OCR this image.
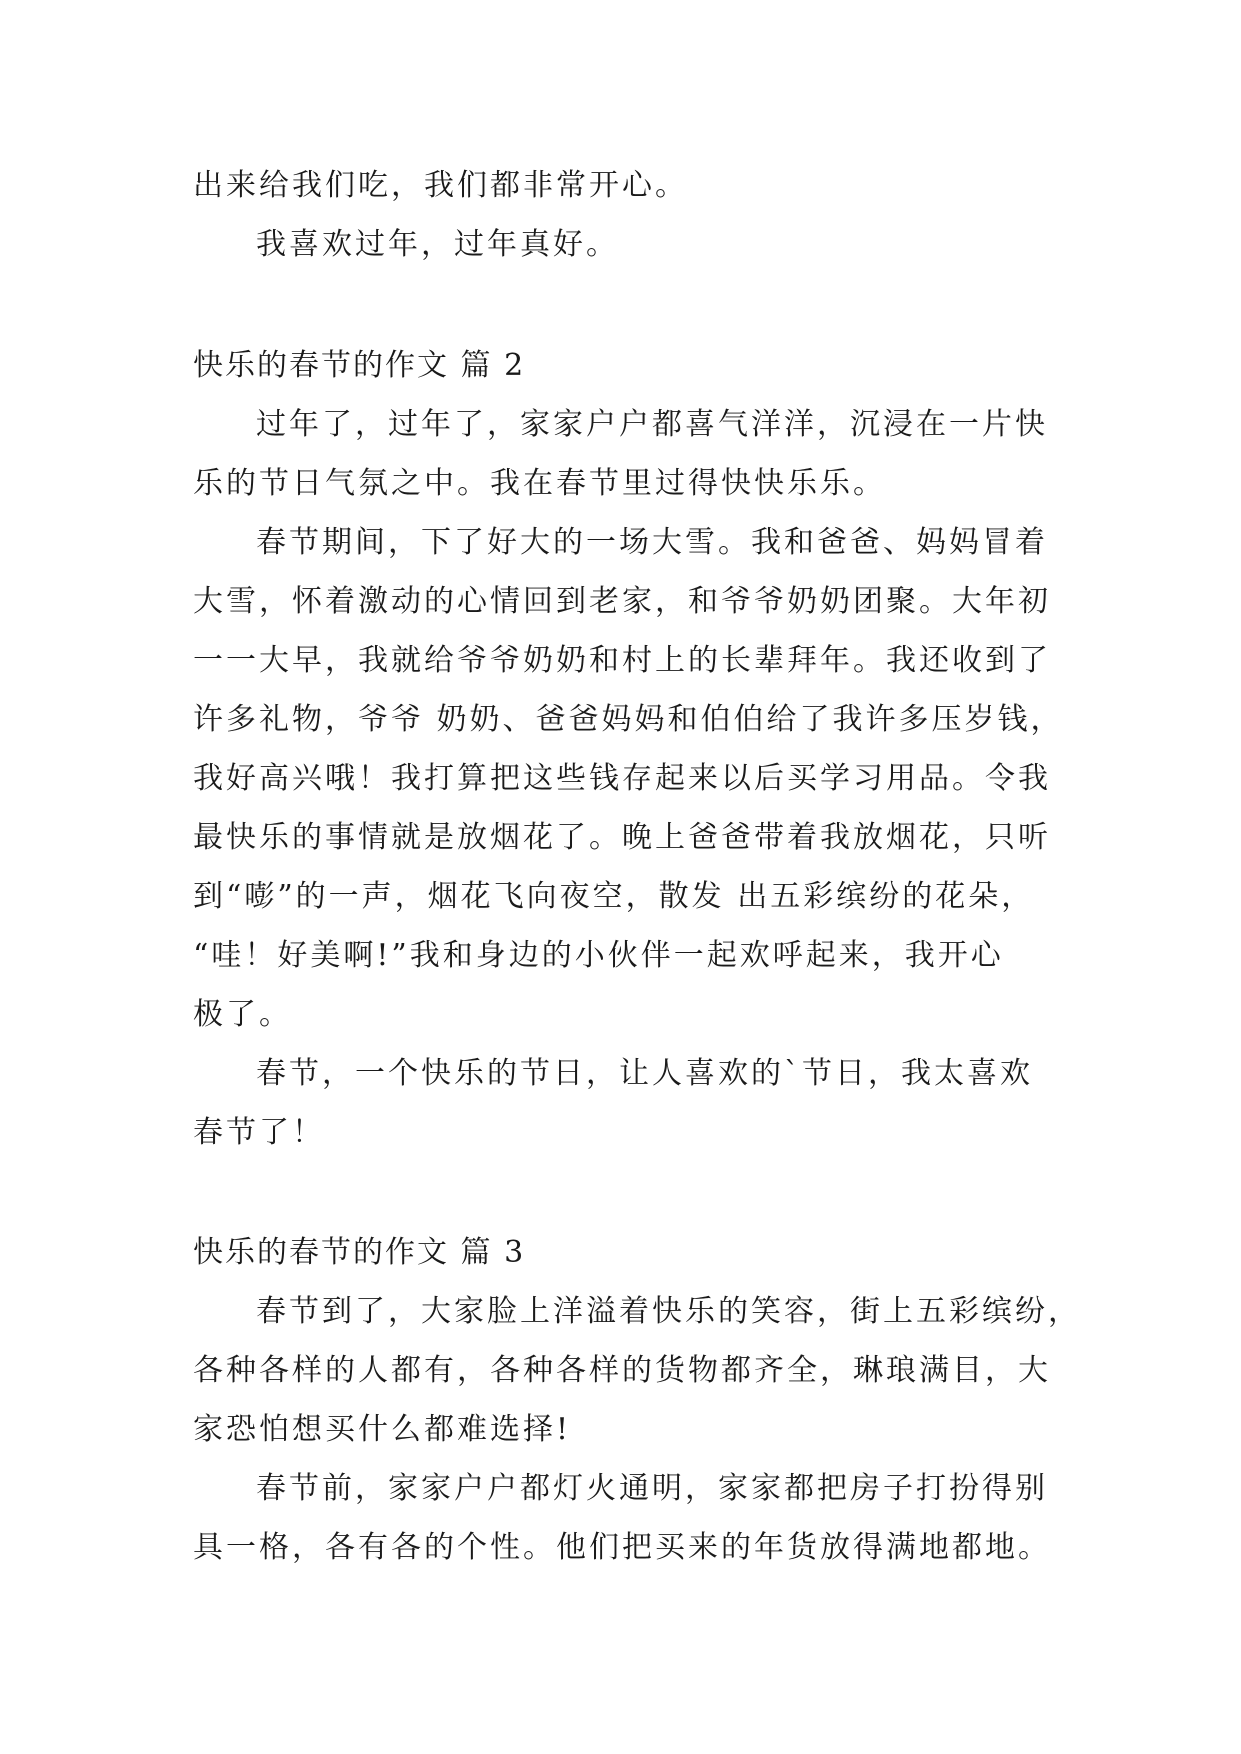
出来给我们吃，我们都非常开心。
我喜欢过年，过年真好。
快乐的春节的作文 篇 2
过年了，过年了，家家户户都喜气洋洋，沉浸在一片快
乐的节日气氛之中。我在春节里过得快快乐乐。
春节期间，下了好大的一场大雪。我和爸爸、妈妈冒着
大雪，怀着激动的心情回到老家，和爷爷奶奶团聚。大年初
一一大早，我就给爷爷奶奶和村上的长辈拜年。我还收到了
许多礼物，爷爷 奶奶、爸爸妈妈和伯伯给了我许多压岁钱，
我好高兴哦！我打算把这些钱存起来以后买学习用品。令我
最快乐的事情就是放烟花了。晚上爸爸带着我放烟花，只听
到“嘭”的一声，烟花飞向夜空，散发 出五彩缤纷的花朵，
“哇！好美啊!”我和身边的小伙伴一起欢呼起来，我开心
极了。
春节，一个快乐的节日，让人喜欢的`节日，我太喜欢
春节了！
快乐的春节的作文 篇 3
春节到了，大家脸上洋溢着快乐的笑容，街上五彩缤纷，
各种各样的人都有，各种各样的货物都齐全，琳琅满目，大
家恐怕想买什么都难选择!
春节前，家家户户都灯火通明，家家都把房子打扮得别
具一格，各有各的个性。他们把买来的年货放得满地都地。
